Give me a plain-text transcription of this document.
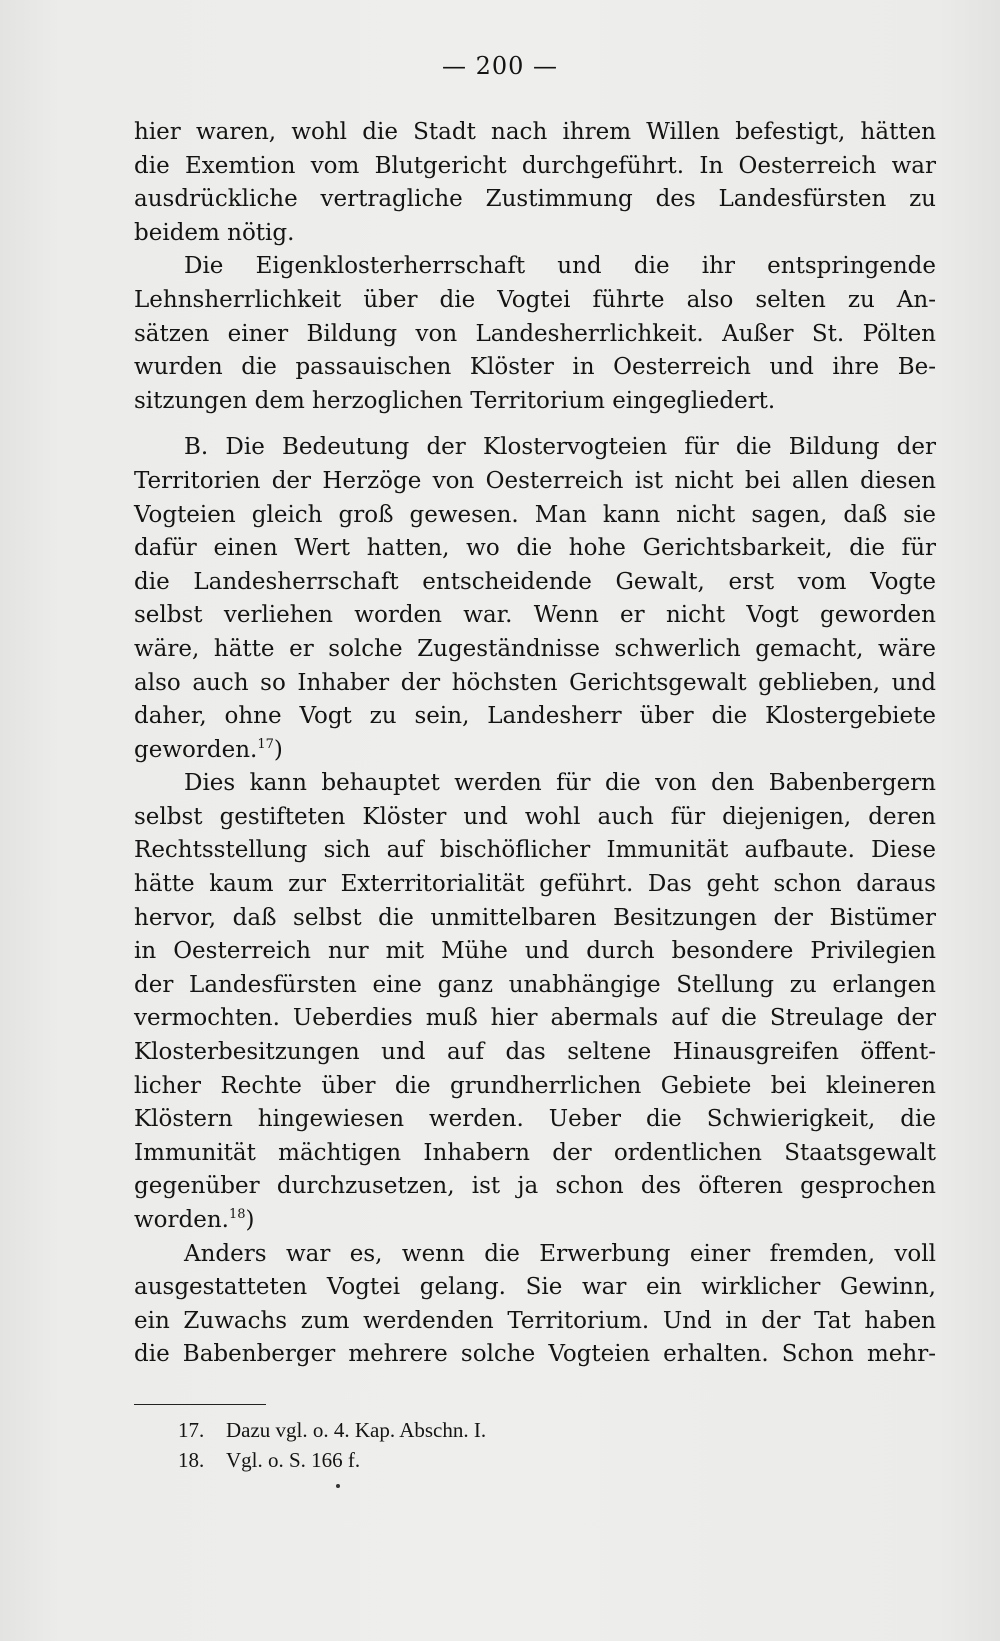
— 200 —
hier waren, wohl die Stadt nach ihrem Willen befestigt, hätten
die Exemtion vom Blutgericht durchgeführt. In Oesterreich war
ausdrückliche vertragliche Zustimmung des Landesfürsten zu
beidem nötig.
Die Eigenklosterherrschaft und die ihr entspringende
Lehnsherrlichkeit über die Vogtei führte also selten zu An-
sätzen einer Bildung von Landesherrlichkeit. Außer St. Pölten
wurden die passauischen Klöster in Oesterreich und ihre Be-
sitzungen dem herzoglichen Territorium eingegliedert.
B. Die Bedeutung der Klostervogteien für die Bildung der
Territorien der Herzöge von Oesterreich ist nicht bei allen diesen
Vogteien gleich groß gewesen. Man kann nicht sagen, daß sie
dafür einen Wert hatten, wo die hohe Gerichtsbarkeit, die für
die Landesherrschaft entscheidende Gewalt, erst vom Vogte
selbst verliehen worden war. Wenn er nicht Vogt geworden
wäre, hätte er solche Zugeständnisse schwerlich gemacht, wäre
also auch so Inhaber der höchsten Gerichtsgewalt geblieben, und
daher, ohne Vogt zu sein, Landesherr über die Klostergebiete
geworden.$^{17}$)
Dies kann behauptet werden für die von den Babenbergern
selbst gestifteten Klöster und wohl auch für diejenigen, deren
Rechtsstellung sich auf bischöflicher Immunität aufbaute. Diese
hätte kaum zur Exterritorialität geführt. Das geht schon daraus
hervor, daß selbst die unmittelbaren Besitzungen der Bistümer
in Oesterreich nur mit Mühe und durch besondere Privilegien
der Landesfürsten eine ganz unabhängige Stellung zu erlangen
vermochten. Ueberdies muß hier abermals auf die Streulage der
Klosterbesitzungen und auf das seltene Hinausgreifen öffent-
licher Rechte über die grundherrlichen Gebiete bei kleineren
Klöstern hingewiesen werden. Ueber die Schwierigkeit, die
Immunität mächtigen Inhabern der ordentlichen Staatsgewalt
gegenüber durchzusetzen, ist ja schon des öfteren gesprochen
worden.$^{18}$)
Anders war es, wenn die Erwerbung einer fremden, voll
ausgestatteten Vogtei gelang. Sie war ein wirklicher Gewinn,
ein Zuwachs zum werdenden Territorium. Und in der Tat haben
die Babenberger mehrere solche Vogteien erhalten. Schon mehr-
17. Dazu vgl. o. 4. Kap. Abschn. I.
18. Vgl. o. S. 166 f.
